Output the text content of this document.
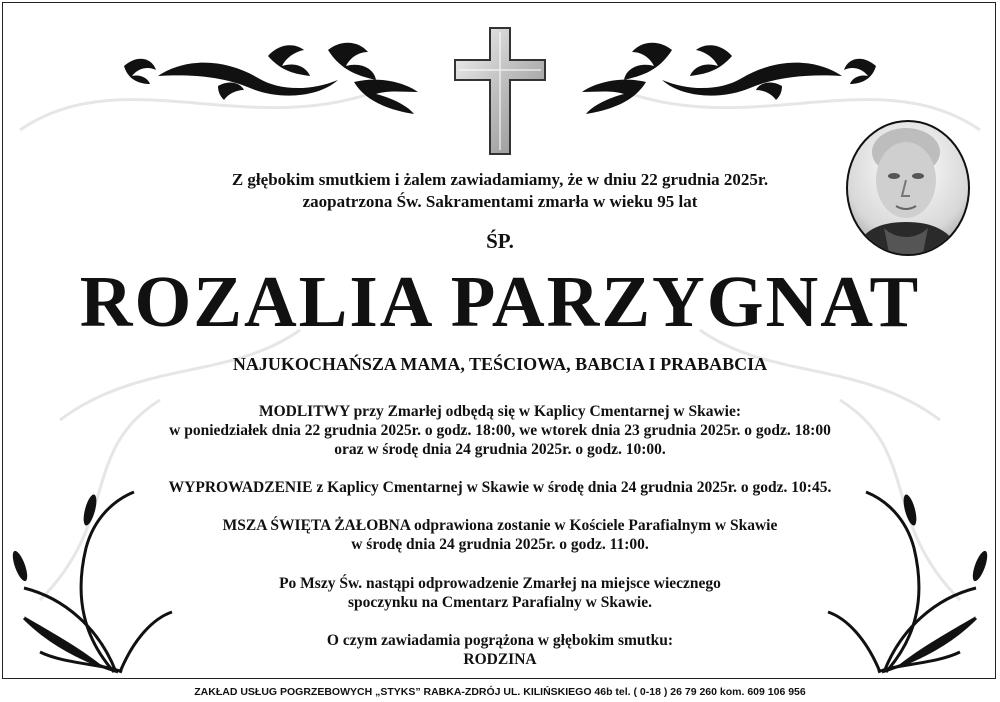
Z głębokim smutkiem i żalem zawiadamiamy, że w dniu 22 grudnia 2025r.
zaopatrzona Św. Sakramentami zmarła w wieku 95 lat
ŚP.
ROZALIA PARZYGNAT
NAJUKOCHAŃSZA MAMA, TEŚCIOWA, BABCIA I PRABABCIA
MODLITWY przy Zmarłej odbędą się w Kaplicy Cmentarnej w Skawie:
w poniedziałek dnia 22 grudnia 2025r. o godz. 18:00, we wtorek dnia 23 grudnia 2025r. o godz. 18:00
oraz w środę dnia 24 grudnia 2025r. o godz. 10:00.
WYPROWADZENIE z Kaplicy Cmentarnej w Skawie w środę dnia 24 grudnia 2025r. o godz. 10:45.
MSZA ŚWIĘTA ŻAŁOBNA odprawiona zostanie w Kościele Parafialnym w Skawie
w środę dnia 24 grudnia 2025r. o godz. 11:00.
Po Mszy Św. nastąpi odprowadzenie Zmarłej na miejsce wiecznego
spoczynku na Cmentarz Parafialny w Skawie.
O czym zawiadamia pogrążona w głębokim smutku:
RODZINA
ZAKŁAD USŁUG POGRZEBOWYCH „STYKS” RABKA-ZDRÓJ UL. KILIŃSKIEGO 46b tel. ( 0-18 ) 26 79 260 kom. 609 106 956
